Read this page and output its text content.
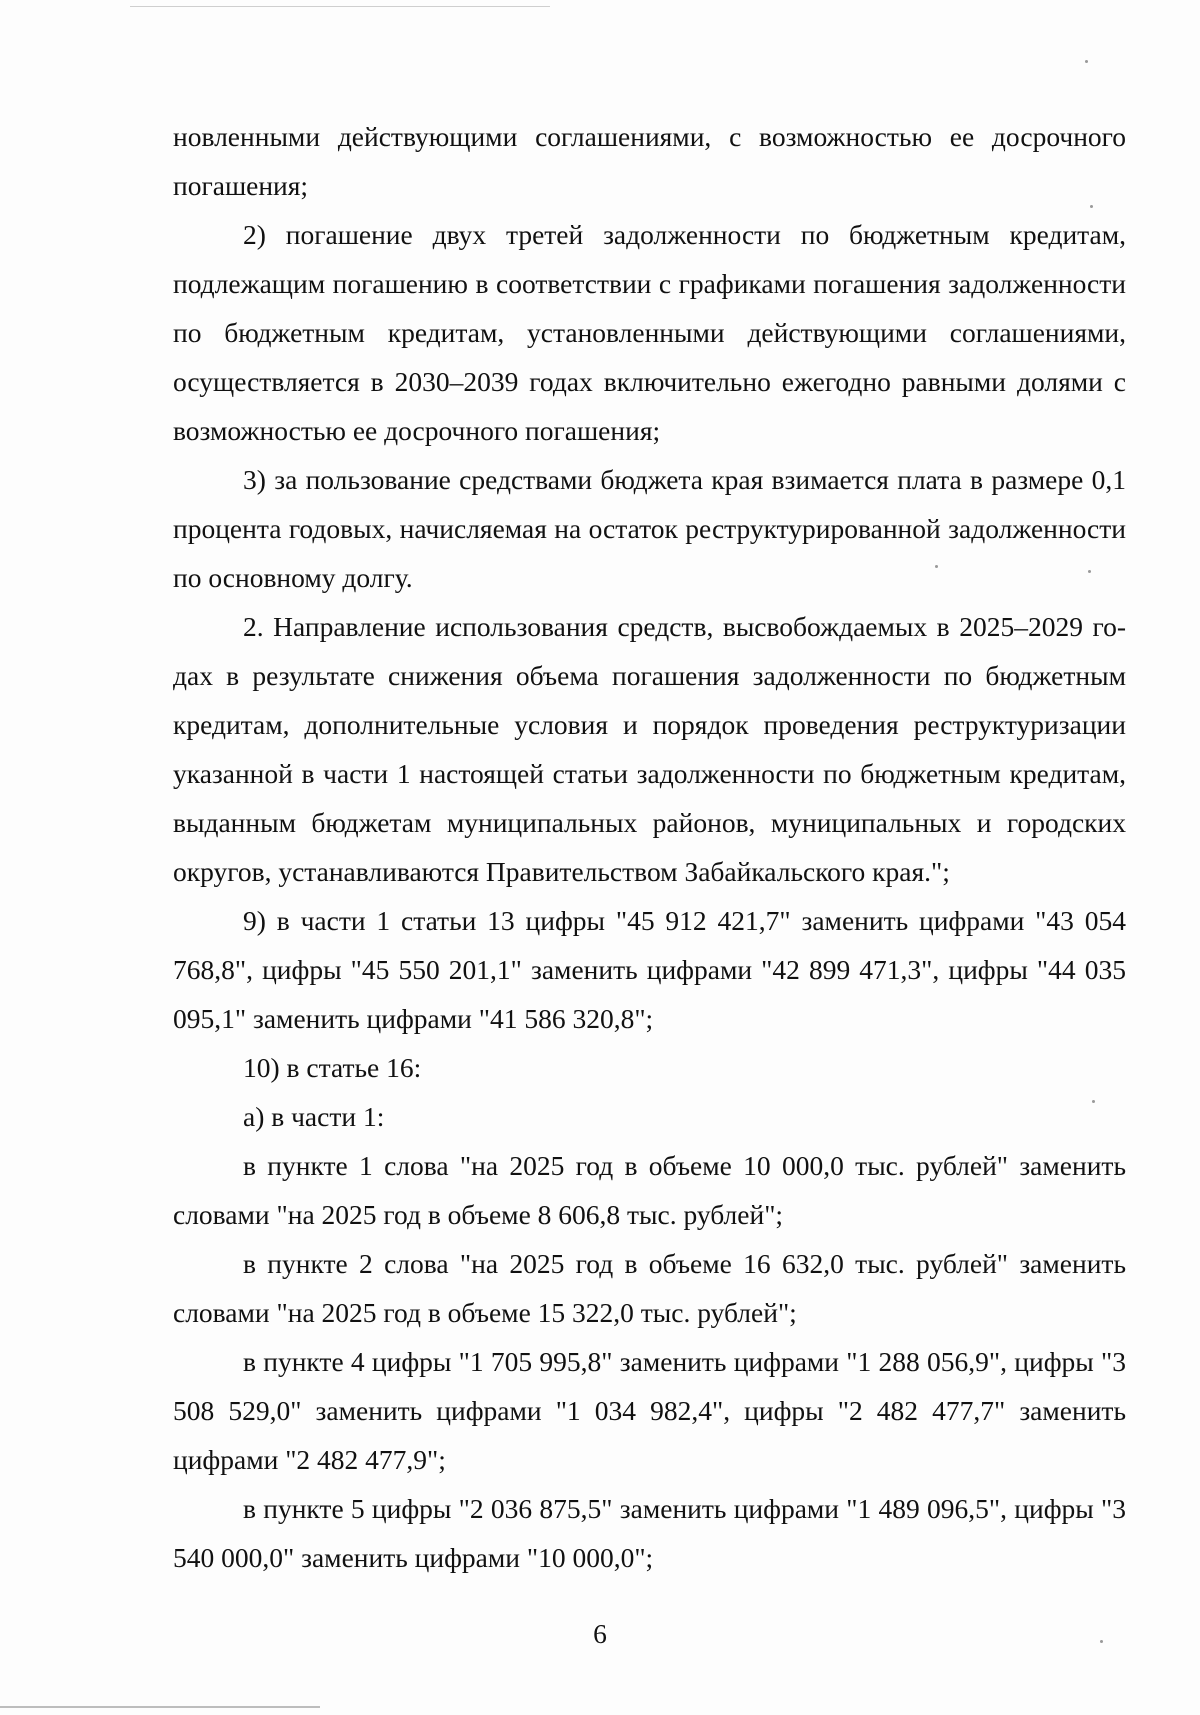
новленными действующими соглашениями, с возможностью ее досрочного погашения;

2) погашение двух третей задолженности по бюджетным кредитам, подлежащим погашению в соответствии с графиками погашения задолженности по бюджетным кредитам, установленными действующими соглашениями, осуществляется в 2030–2039 годах включительно ежегодно равными долями с возможностью ее досрочного погашения;

3) за пользование средствами бюджета края взимается плата в размере 0,1 процента годовых, начисляемая на остаток реструктурированной задолженности по основному долгу.

2. Направление использования средств, высвобождаемых в 2025–2029 годах в результате снижения объема погашения задолженности по бюджетным кредитам, дополнительные условия и порядок проведения реструктуризации указанной в части 1 настоящей статьи задолженности по бюджетным кредитам, выданным бюджетам муниципальных районов, муниципальных и городских округов, устанавливаются Правительством Забайкальского края.";

9) в части 1 статьи 13 цифры "45 912 421,7" заменить цифрами "43 054 768,8", цифры "45 550 201,1" заменить цифрами "42 899 471,3", цифры "44 035 095,1" заменить цифрами "41 586 320,8";

10) в статье 16:

а) в части 1:

в пункте 1 слова "на 2025 год в объеме 10 000,0 тыс. рублей" заменить словами "на 2025 год в объеме 8 606,8 тыс. рублей";

в пункте 2 слова "на 2025 год в объеме 16 632,0 тыс. рублей" заменить словами "на 2025 год в объеме 15 322,0 тыс. рублей";

в пункте 4 цифры "1 705 995,8" заменить цифрами "1 288 056,9", цифры "3 508 529,0" заменить цифрами "1 034 982,4", цифры "2 482 477,7" заменить цифрами "2 482 477,9";

в пункте 5 цифры "2 036 875,5" заменить цифрами "1 489 096,5", цифры "3 540 000,0" заменить цифрами "10 000,0";

6
